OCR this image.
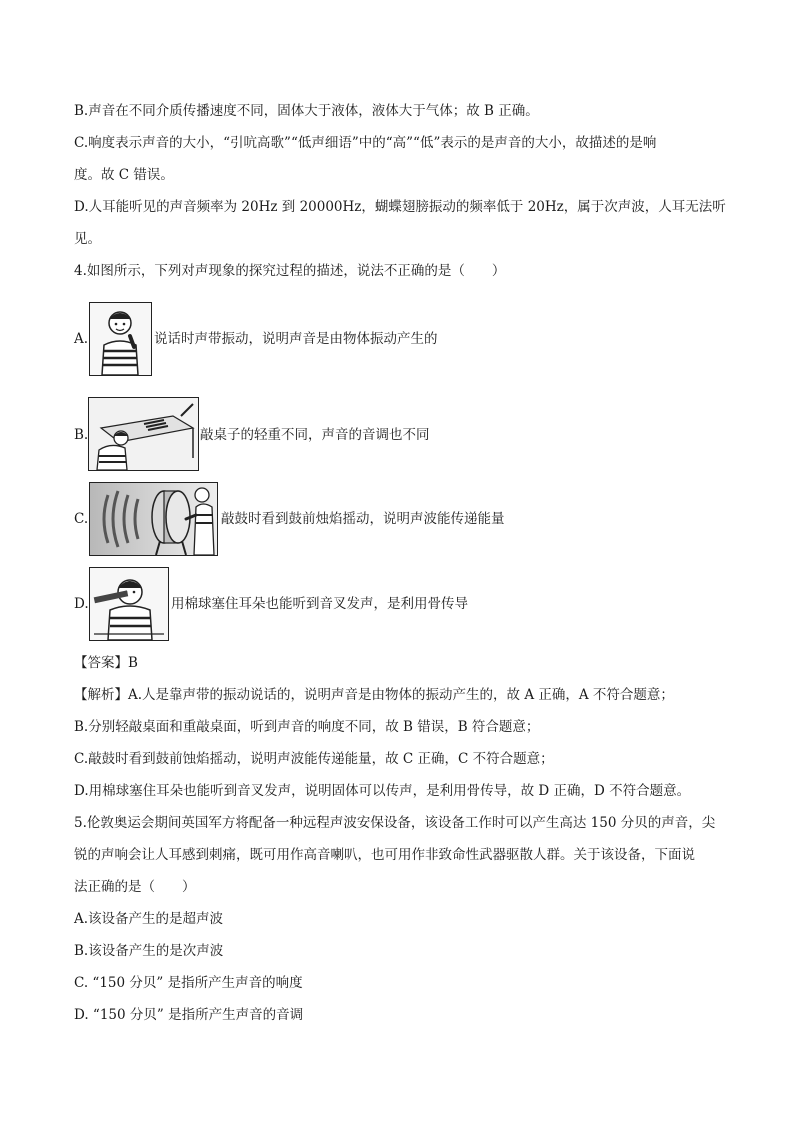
B.声音在不同介质传播速度不同，固体大于液体，液体大于气体；故 B 正确。
C.响度表示声音的大小，“引吭高歌”“低声细语”中的“高”“低”表示的是声音的大小，故描述的是响
度。故 C 错误。
D.人耳能听见的声音频率为 20Hz 到 20000Hz，蝴蝶翅膀振动的频率低于 20Hz，属于次声波，人耳无法听
见。
4.如图所示，下列对声现象的探究过程的描述，说法不正确的是（　　）
A.	说话时声带振动，说明声音是由物体振动产生的
B.	敲桌子的轻重不同，声音的音调也不同
C.	敲鼓时看到鼓前烛焰摇动，说明声波能传递能量
D.	用棉球塞住耳朵也能听到音叉发声，是利用骨传导
【答案】B
【解析】A.人是靠声带的振动说话的，说明声音是由物体的振动产生的，故 A 正确，A 不符合题意；
B.分别轻敲桌面和重敲桌面，听到声音的响度不同，故 B 错误，B 符合题意；
C.敲鼓时看到鼓前蚀焰摇动，说明声波能传递能量，故 C 正确，C 不符合题意；
D.用棉球塞住耳朵也能听到音叉发声，说明固体可以传声，是利用骨传导，故 D 正确，D 不符合题意。
5.伦敦奥运会期间英国军方将配备一种远程声波安保设备，该设备工作时可以产生高达 150 分贝的声音，尖
锐的声响会让人耳感到刺痛，既可用作高音喇叭，也可用作非致命性武器驱散人群。关于该设备，下面说
法正确的是（　　）
A.该设备产生的是超声波
B.该设备产生的是次声波
C. “150 分贝” 是指所产生声音的响度
D. “150 分贝” 是指所产生声音的音调
